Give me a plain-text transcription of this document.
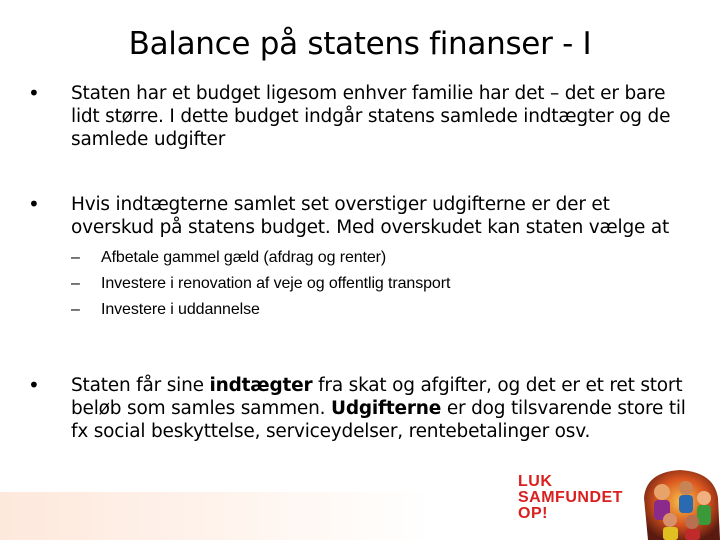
Balance på statens finanser - I
• Staten har et budget ligesom enhver familie har det – det er bare lidt større. I dette budget indgår statens samlede indtægter og de samlede udgifter
• Hvis indtægterne samlet set overstiger udgifterne er der et overskud på statens budget. Med overskudet kan staten vælge at
– Afbetale gammel gæld (afdrag og renter)
– Investere i renovation af veje og offentlig transport
– Investere i uddannelse
• Staten får sine indtægter fra skat og afgifter, og det er et ret stort beløb som samles sammen. Udgifterne er dog tilsvarende store til fx social beskyttelse, serviceydelser, rentebetalinger osv.
LUK
SAMFUNDET
OP!
